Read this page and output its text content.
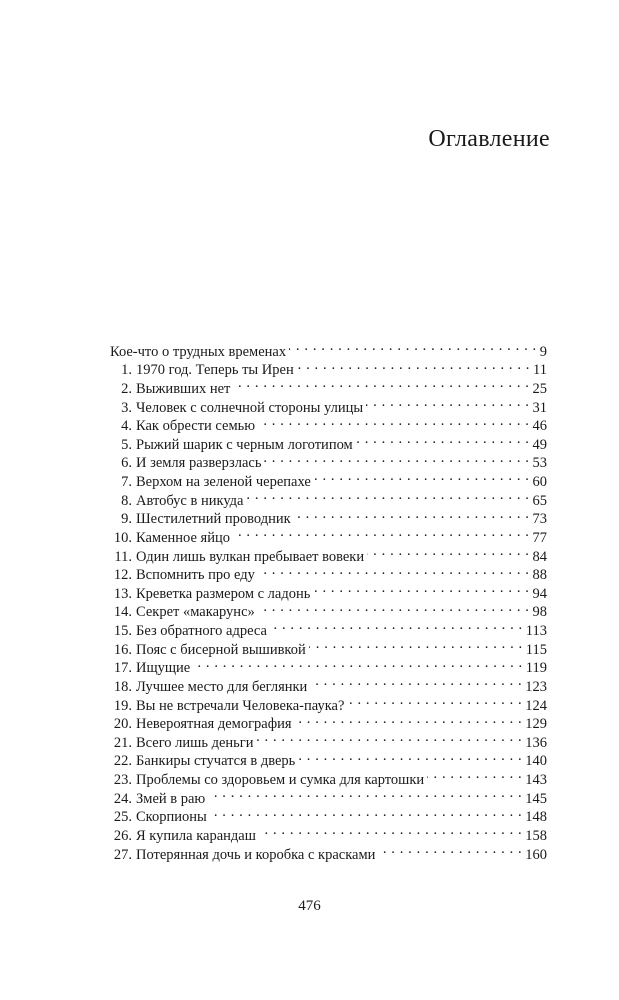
Оглавление
Кое-что о трудных временах . . .	9
1. 1970 год. Теперь ты Ирен . . .	11
2. Выживших нет . . .	25
3. Человек с солнечной стороны улицы . . .	31
4. Как обрести семью . . .	46
5. Рыжий шарик с черным логотипом . . .	49
6. И земля разверзлась . . .	53
7. Верхом на зеленой черепахе . . .	60
8. Автобус в никуда . . .	65
9. Шестилетний проводник . . .	73
10. Каменное яйцо . . .	77
11. Один лишь вулкан пребывает вовеки . . .	84
12. Вспомнить про еду . . .	88
13. Креветка размером с ладонь . . .	94
14. Секрет «макарунс» . . .	98
15. Без обратного адреса . . .	113
16. Пояс с бисерной вышивкой . . .	115
17. Ищущие . . .	119
18. Лучшее место для беглянки . . .	123
19. Вы не встречали Человека-паука? . . .	124
20. Невероятная демография . . .	129
21. Всего лишь деньги . . .	136
22. Банкиры стучатся в дверь . . .	140
23. Проблемы со здоровьем и сумка для картошки . . .	143
24. Змей в раю . . .	145
25. Скорпионы . . .	148
26. Я купила карандаш . . .	158
27. Потерянная дочь и коробка с красками . . .	160

476
